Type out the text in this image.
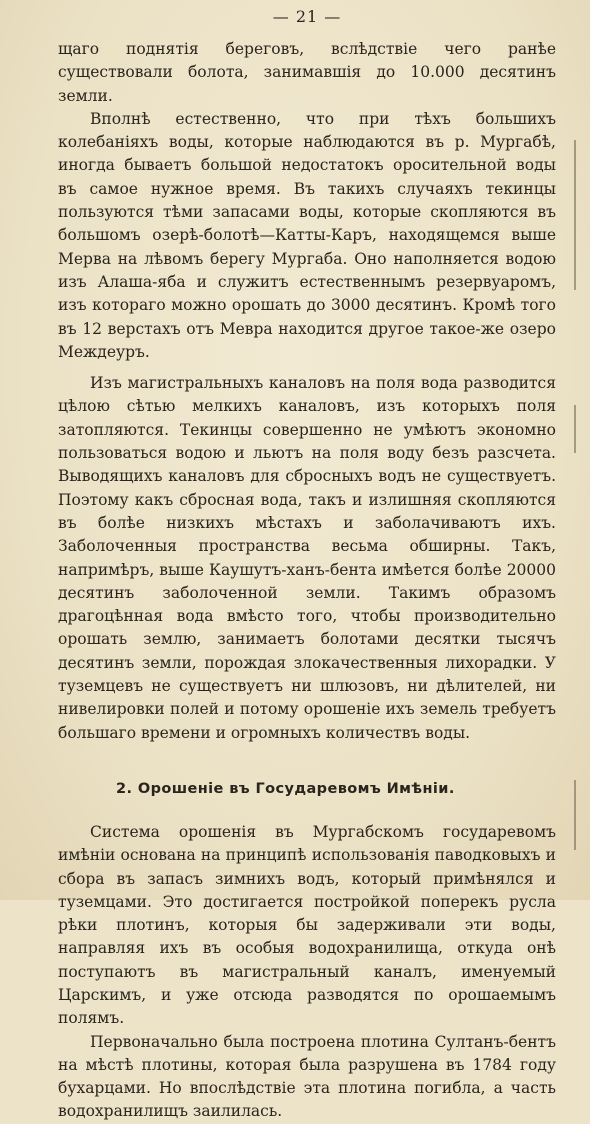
— 21 —

щаго поднятія береговъ, вслѣдствіе чего ранѣе существовали болота, занимавшія до 10.000 десятинъ земли.

Вполнѣ естественно, что при тѣхъ большихъ колебаніяхъ воды, которые наблюдаются въ р. Мургабѣ, иногда бываетъ большой недостатокъ оросительной воды въ самое нужное время. Въ такихъ случаяхъ текинцы пользуются тѣми запасами воды, которые скопляются въ большомъ озерѣ-болотѣ—Катты-Каръ, находящемся выше Мерва на лѣвомъ берегу Мургаба. Оно наполняется водою изъ Алаша-яба и служитъ естественнымъ резервуаромъ, изъ котораго можно орошать до 3000 десятинъ. Кромѣ того въ 12 верстахъ отъ Мевра находится другое такое-же озеро Междеуръ.

Изъ магистральныхъ каналовъ на поля вода разводится цѣлою сѣтью мелкихъ каналовъ, изъ которыхъ поля затопляются. Текинцы совершенно не умѣютъ экономно пользоваться водою и льютъ на поля воду безъ разсчета. Выводящихъ каналовъ для сбросныхъ водъ не существуетъ. Поэтому какъ сбросная вода, такъ и излишняя скопляются въ болѣе низкихъ мѣстахъ и заболачиваютъ ихъ. Заболоченныя пространства весьма обширны. Такъ, напримѣръ, выше Каушутъ-ханъ-бента имѣется болѣе 20000 десятинъ заболоченной земли. Такимъ образомъ драгоцѣнная вода вмѣсто того, чтобы производительно орошать землю, занимаетъ болотами десятки тысячъ десятинъ земли, порождая злокачественныя лихорадки. У туземцевъ не существуетъ ни шлюзовъ, ни дѣлителей, ни нивелировки полей и потому орошеніе ихъ земель требуетъ большаго времени и огромныхъ количествъ воды.

2. Орошеніе въ Государевомъ Имѣніи.

Система орошенія въ Мургабскомъ государевомъ имѣніи основана на принципѣ использованія паводковыхъ и сбора въ запасъ зимнихъ водъ, который примѣнялся и туземцами. Это достигается постройкой поперекъ русла рѣки плотинъ, которыя бы задерживали эти воды, направляя ихъ въ особыя водохранилища, откуда онѣ поступаютъ въ магистральный каналъ, именуемый Царскимъ, и уже отсюда разводятся по орошаемымъ полямъ.

Первоначально была построена плотина Султанъ-бентъ на мѣстѣ плотины, которая была разрушена въ 1784 году бухарцами. Но впослѣдствіе эта плотина погибла, а часть водохранилищъ заилилась.
